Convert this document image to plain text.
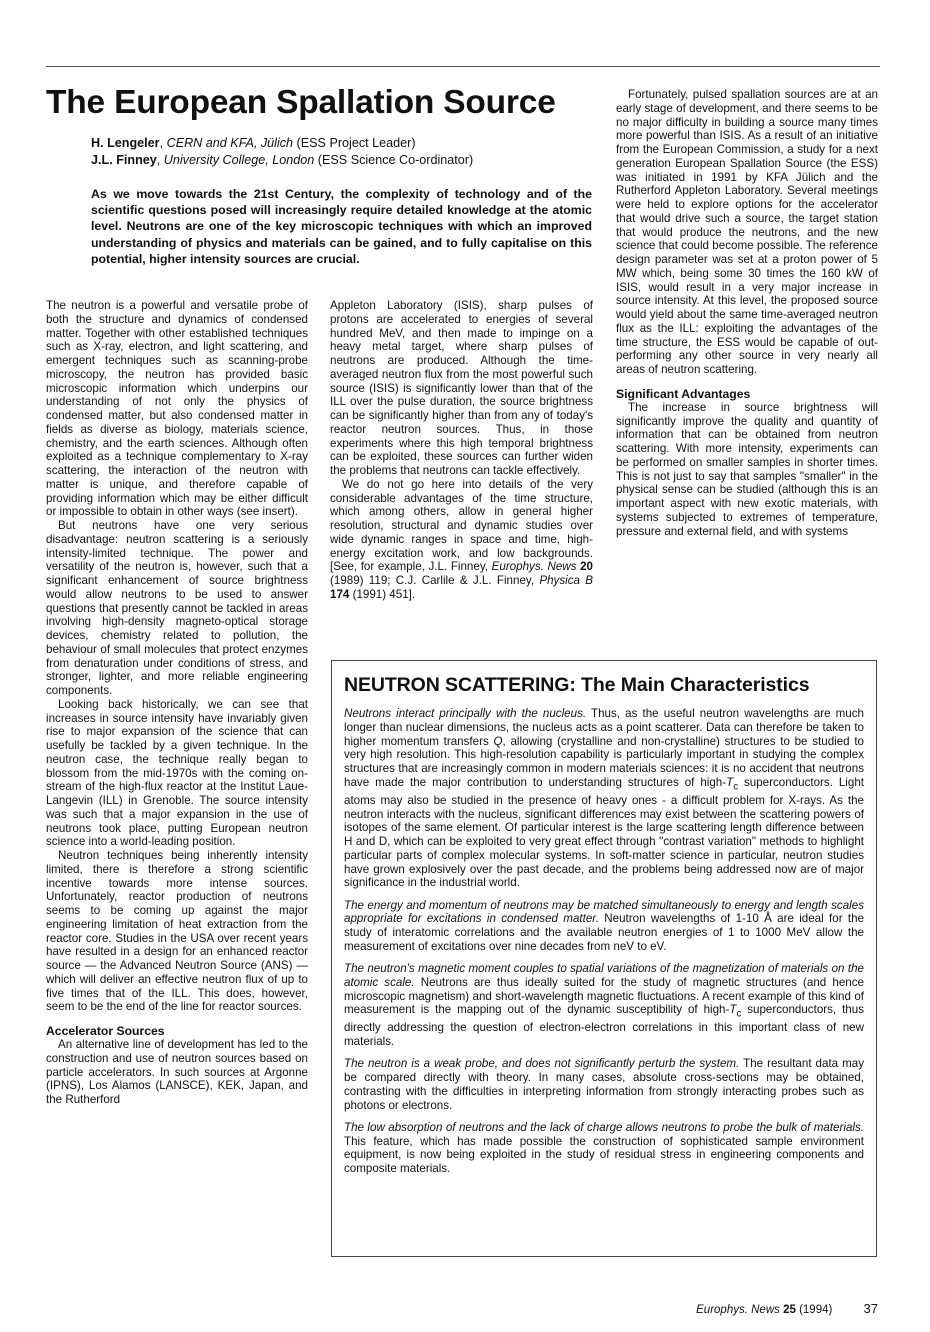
The European Spallation Source
H. Lengeler, CERN and KFA, Jülich (ESS Project Leader)
J.L. Finney, University College, London (ESS Science Co-ordinator)

As we move towards the 21st Century, the complexity of technology and of the scientific questions posed will increasingly require detailed knowledge at the atomic level. Neutrons are one of the key microscopic techniques with which an improved understanding of physics and materials can be gained, and to fully capitalise on this potential, higher intensity sources are crucial.

The neutron is a powerful and versatile probe of both the structure and dynamics of condensed matter. Together with other established techniques such as X-ray, electron, and light scattering, and emergent techniques such as scanning-probe microscopy, the neutron has provided basic microscopic information which underpins our understanding of not only the physics of condensed matter, but also condensed matter in fields as diverse as biology, materials science, chemistry, and the earth sciences. Although often exploited as a technique complementary to X-ray scattering, the interaction of the neutron with matter is unique, and therefore capable of providing information which may be either difficult or impossible to obtain in other ways (see insert).

But neutrons have one very serious disadvantage: neutron scattering is a seriously intensity-limited technique. The power and versatility of the neutron is, however, such that a significant enhancement of source brightness would allow neutrons to be used to answer questions that presently cannot be tackled in areas involving high-density magneto-optical storage devices, chemistry related to pollution, the behaviour of small molecules that protect enzymes from denaturation under conditions of stress, and stronger, lighter, and more reliable engineering components.

Looking back historically, we can see that increases in source intensity have invariably given rise to major expansion of the science that can usefully be tackled by a given technique. In the neutron case, the technique really began to blossom from the mid-1970s with the coming on-stream of the high-flux reactor at the Institut Laue-Langevin (ILL) in Grenoble. The source intensity was such that a major expansion in the use of neutrons took place, putting European neutron science into a world-leading position.

Neutron techniques being inherently intensity limited, there is therefore a strong scientific incentive towards more intense sources. Unfortunately, reactor production of neutrons seems to be coming up against the major engineering limitation of heat extraction from the reactor core. Studies in the USA over recent years have resulted in a design for an enhanced reactor source — the Advanced Neutron Source (ANS) — which will deliver an effective neutron flux of up to five times that of the ILL. This does, however, seem to be the end of the line for reactor sources.

Accelerator Sources

An alternative line of development has led to the construction and use of neutron sources based on particle accelerators. In such sources at Argonne (IPNS), Los Alamos (LANSCE), KEK, Japan, and the Rutherford

Appleton Laboratory (ISIS), sharp pulses of protons are accelerated to energies of several hundred MeV, and then made to impinge on a heavy metal target, where sharp pulses of neutrons are produced. Although the time-averaged neutron flux from the most powerful such source (ISIS) is significantly lower than that of the ILL over the pulse duration, the source brightness can be significantly higher than from any of today's reactor neutron sources. Thus, in those experiments where this high temporal brightness can be exploited, these sources can further widen the problems that neutrons can tackle effectively.

We do not go here into details of the very considerable advantages of the time structure, which among others, allow in general higher resolution, structural and dynamic studies over wide dynamic ranges in space and time, high-energy excitation work, and low backgrounds. [See, for example, J.L. Finney, Europhys. News 20 (1989) 119; C.J. Carlile & J.L. Finney, Physica B 174 (1991) 451].

Fortunately, pulsed spallation sources are at an early stage of development, and there seems to be no major difficulty in building a source many times more powerful than ISIS. As a result of an initiative from the European Commission, a study for a next generation European Spallation Source (the ESS) was initiated in 1991 by KFA Jülich and the Rutherford Appleton Laboratory. Several meetings were held to explore options for the accelerator that would drive such a source, the target station that would produce the neutrons, and the new science that could become possible. The reference design parameter was set at a proton power of 5 MW which, being some 30 times the 160 kW of ISIS, would result in a very major increase in source intensity. At this level, the proposed source would yield about the same time-averaged neutron flux as the ILL: exploiting the advantages of the time structure, the ESS would be capable of out-performing any other source in very nearly all areas of neutron scattering.

Significant Advantages

The increase in source brightness will significantly improve the quality and quantity of information that can be obtained from neutron scattering. With more intensity, experiments can be performed on smaller samples in shorter times. This is not just to say that samples "smaller" in the physical sense can be studied (although this is an important aspect with new exotic materials, with systems subjected to extremes of temperature, pressure and external field, and with systems

NEUTRON SCATTERING: The Main Characteristics

Neutrons interact principally with the nucleus. Thus, as the useful neutron wavelengths are much longer than nuclear dimensions, the nucleus acts as a point scatterer. Data can therefore be taken to higher momentum transfers Q, allowing (crystalline and non-crystalline) structures to be studied to very high resolution. This high-resolution capability is particularly important in studying the complex structures that are increasingly common in modern materials sciences: it is no accident that neutrons have made the major contribution to understanding structures of high-$T_c$ superconductors. Light atoms may also be studied in the presence of heavy ones - a difficult problem for X-rays. As the neutron interacts with the nucleus, significant differences may exist between the scattering powers of isotopes of the same element. Of particular interest is the large scattering length difference between H and D, which can be exploited to very great effect through "contrast variation" methods to highlight particular parts of complex molecular systems. In soft-matter science in particular, neutron studies have grown explosively over the past decade, and the problems being addressed now are of major significance in the industrial world.

The energy and momentum of neutrons may be matched simultaneously to energy and length scales appropriate for excitations in condensed matter. Neutron wavelengths of 1-10 Å are ideal for the study of interatomic correlations and the available neutron energies of 1 to 1000 MeV allow the measurement of excitations over nine decades from neV to eV.

The neutron's magnetic moment couples to spatial variations of the magnetization of materials on the atomic scale. Neutrons are thus ideally suited for the study of magnetic structures (and hence microscopic magnetism) and short-wavelength magnetic fluctuations. A recent example of this kind of measurement is the mapping out of the dynamic susceptibility of high-$T_c$ superconductors, thus directly addressing the question of electron-electron correlations in this important class of new materials.

The neutron is a weak probe, and does not significantly perturb the system. The resultant data may be compared directly with theory. In many cases, absolute cross-sections may be obtained, contrasting with the difficulties in interpreting information from strongly interacting probes such as photons or electrons.

The low absorption of neutrons and the lack of charge allows neutrons to probe the bulk of materials. This feature, which has made possible the construction of sophisticated sample environment equipment, is now being exploited in the study of residual stress in engineering components and composite materials.

Europhys. News 25 (1994) 37
